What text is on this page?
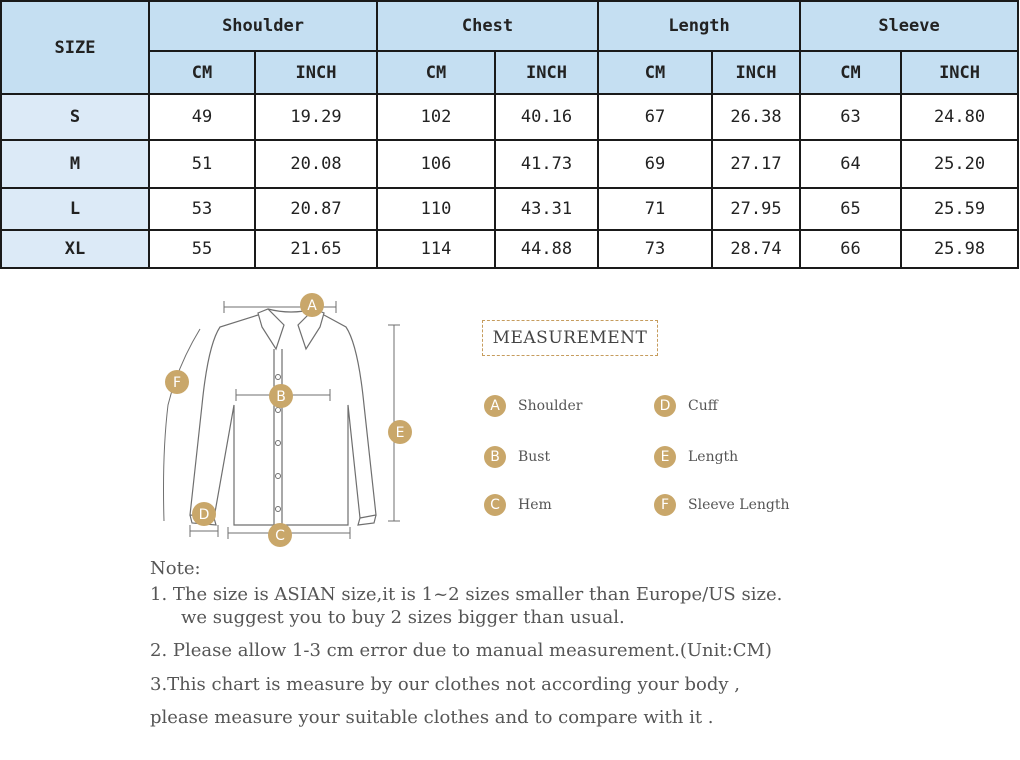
SIZE	Shoulder		Chest		Length		Sleeve	
	CM	INCH	CM	INCH	CM	INCH	CM	INCH
S	49	19.29	102	40.16	67	26.38	63	24.80
M	51	20.08	106	41.73	69	27.17	64	25.20
L	53	20.87	110	43.31	71	27.95	65	25.59
XL	55	21.65	114	44.88	73	28.74	66	25.98
A
B
C
D
E
F
MEASUREMENT
A	Shoulder
B	Bust
C	Hem
D	Cuff
E	Length
F	Sleeve Length
Note:
1. The size is ASIAN size,it is 1~2 sizes smaller than Europe/US size.
we suggest you to buy 2 sizes bigger than usual.
2. Please allow 1-3 cm error due to manual measurement.(Unit:CM)
3.This chart is measure by our clothes not according your body ,
please measure your suitable clothes and to compare with it .
